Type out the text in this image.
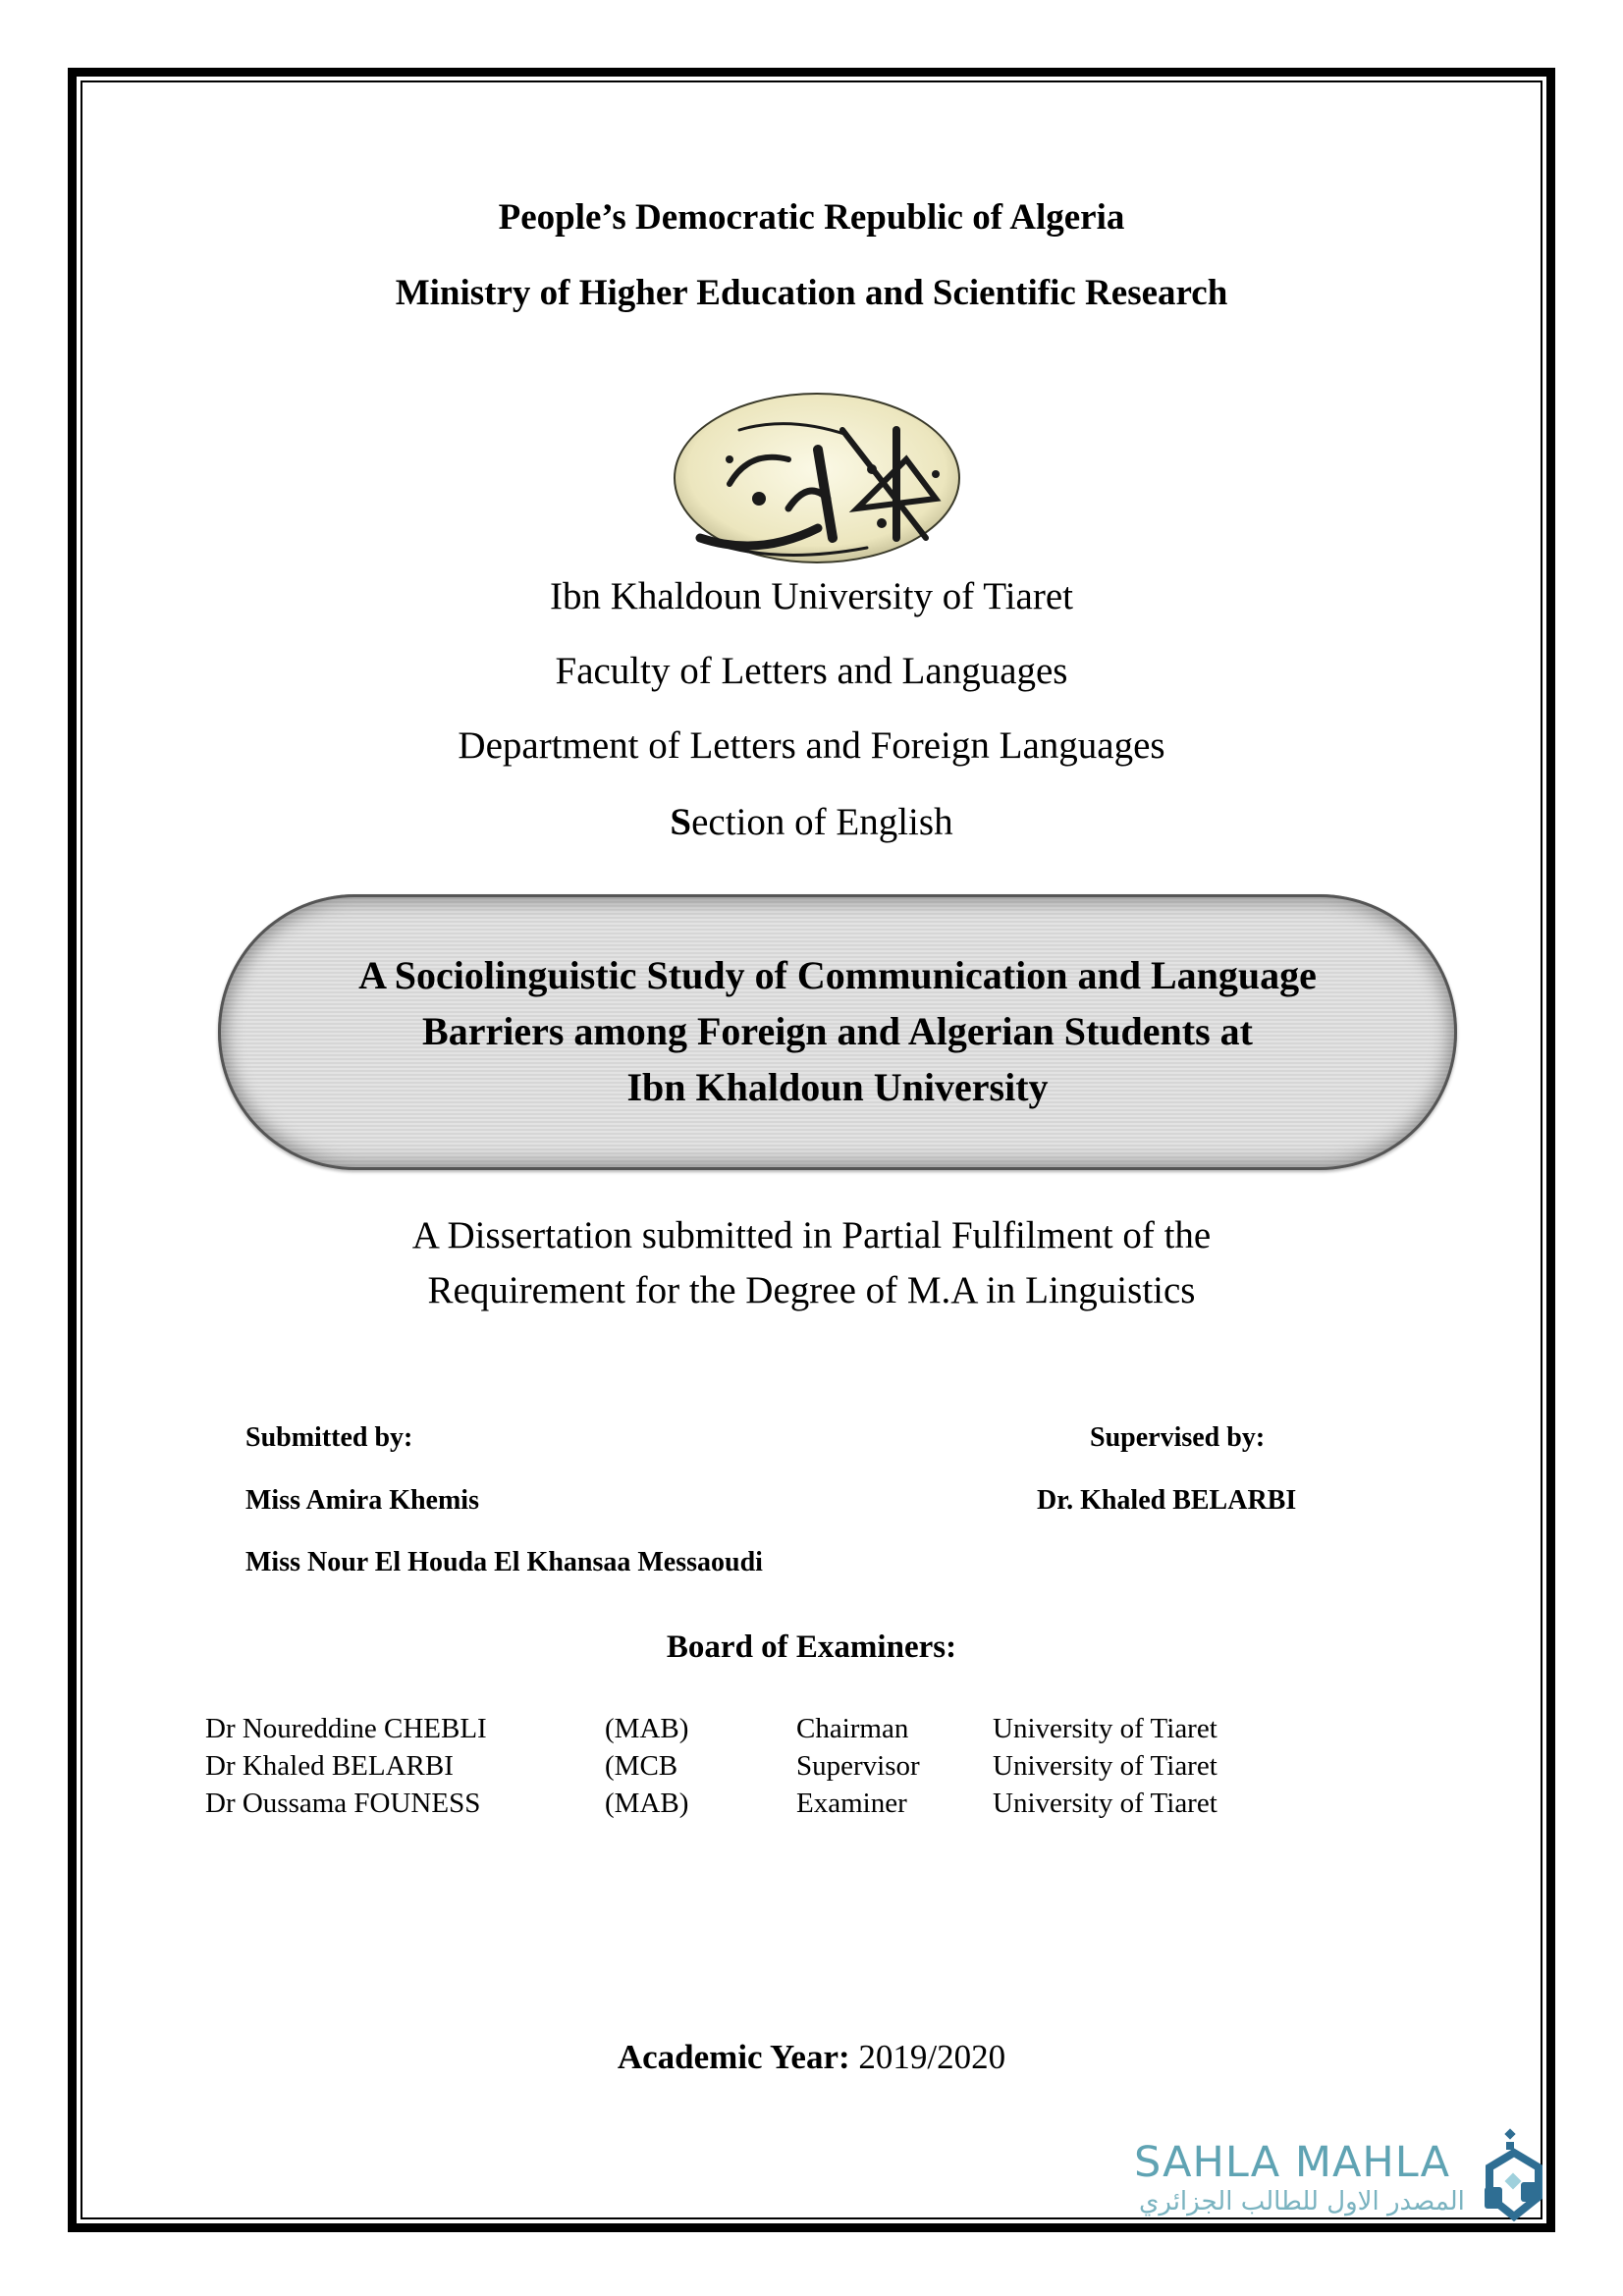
People’s Democratic Republic of Algeria
Ministry of Higher Education and Scientific Research
Ibn Khaldoun University of Tiaret
Faculty of Letters and Languages
Department of Letters and Foreign Languages
Section of English
A Sociolinguistic Study of Communication and Language
Barriers among Foreign and Algerian Students at
Ibn Khaldoun University
A Dissertation submitted in Partial Fulfilment of the
Requirement for the Degree of M.A in Linguistics
Submitted by:
Miss Amira Khemis
Miss Nour El Houda El Khansaa Messaoudi
Supervised by:
Dr. Khaled BELARBI
Board of Examiners:
Dr Noureddine CHEBLI	(MAB)	Chairman	University of Tiaret
Dr Khaled BELARBI	(MCB	Supervisor	University of Tiaret
Dr Oussama FOUNESS	(MAB)	Examiner	University of Tiaret
Academic Year: 2019/2020
SAHLA MAHLA
المصدر الاول للطالب الجزائري
